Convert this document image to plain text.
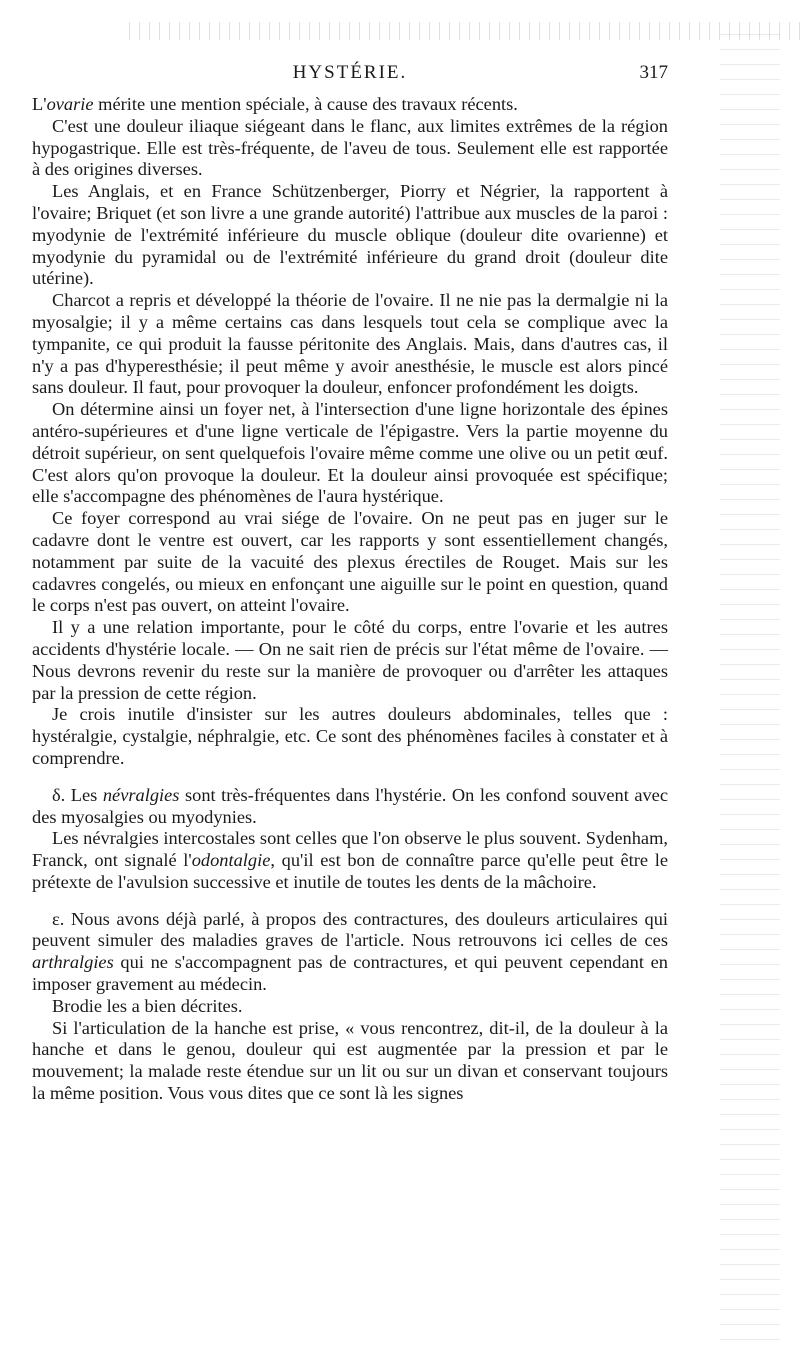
HYSTÉRIE.	317

L'ovarie mérite une mention spéciale, à cause des travaux récents.

C'est une douleur iliaque siégeant dans le flanc, aux limites extrêmes de la région hypogastrique. Elle est très-fréquente, de l'aveu de tous. Seulement elle est rapportée à des origines diverses.

Les Anglais, et en France Schützenberger, Piorry et Négrier, la rapportent à l'ovaire; Briquet (et son livre a une grande autorité) l'attribue aux muscles de la paroi : myodynie de l'extrémité inférieure du muscle oblique (douleur dite ovarienne) et myodynie du pyramidal ou de l'extrémité inférieure du grand droit (douleur dite utérine).

Charcot a repris et développé la théorie de l'ovaire. Il ne nie pas la dermalgie ni la myosalgie; il y a même certains cas dans lesquels tout cela se complique avec la tympanite, ce qui produit la fausse péritonite des Anglais. Mais, dans d'autres cas, il n'y a pas d'hyperesthésie; il peut même y avoir anesthésie, le muscle est alors pincé sans douleur. Il faut, pour provoquer la douleur, enfoncer profondément les doigts.

On détermine ainsi un foyer net, à l'intersection d'une ligne horizontale des épines antéro-supérieures et d'une ligne verticale de l'épigastre. Vers la partie moyenne du détroit supérieur, on sent quelquefois l'ovaire même comme une olive ou un petit œuf. C'est alors qu'on provoque la douleur. Et la douleur ainsi provoquée est spécifique; elle s'accompagne des phénomènes de l'aura hystérique.

Ce foyer correspond au vrai siége de l'ovaire. On ne peut pas en juger sur le cadavre dont le ventre est ouvert, car les rapports y sont essentiellement changés, notamment par suite de la vacuité des plexus érectiles de Rouget. Mais sur les cadavres congelés, ou mieux en enfonçant une aiguille sur le point en question, quand le corps n'est pas ouvert, on atteint l'ovaire.

Il y a une relation importante, pour le côté du corps, entre l'ovarie et les autres accidents d'hystérie locale. — On ne sait rien de précis sur l'état même de l'ovaire. — Nous devrons revenir du reste sur la manière de provoquer ou d'arrêter les attaques par la pression de cette région.

Je crois inutile d'insister sur les autres douleurs abdominales, telles que : hystéralgie, cystalgie, néphralgie, etc. Ce sont des phénomènes faciles à constater et à comprendre.

δ. Les névralgies sont très-fréquentes dans l'hystérie. On les confond souvent avec des myosalgies ou myodynies.

Les névralgies intercostales sont celles que l'on observe le plus souvent. Sydenham, Franck, ont signalé l'odontalgie, qu'il est bon de connaître parce qu'elle peut être le prétexte de l'avulsion successive et inutile de toutes les dents de la mâchoire.

ε. Nous avons déjà parlé, à propos des contractures, des douleurs articulaires qui peuvent simuler des maladies graves de l'article. Nous retrouvons ici celles de ces arthralgies qui ne s'accompagnent pas de contractures, et qui peuvent cependant en imposer gravement au médecin.

Brodie les a bien décrites.

Si l'articulation de la hanche est prise, « vous rencontrez, dit-il, de la douleur à la hanche et dans le genou, douleur qui est augmentée par la pression et par le mouvement; la malade reste étendue sur un lit ou sur un divan et conservant toujours la même position. Vous vous dites que ce sont là les signes
